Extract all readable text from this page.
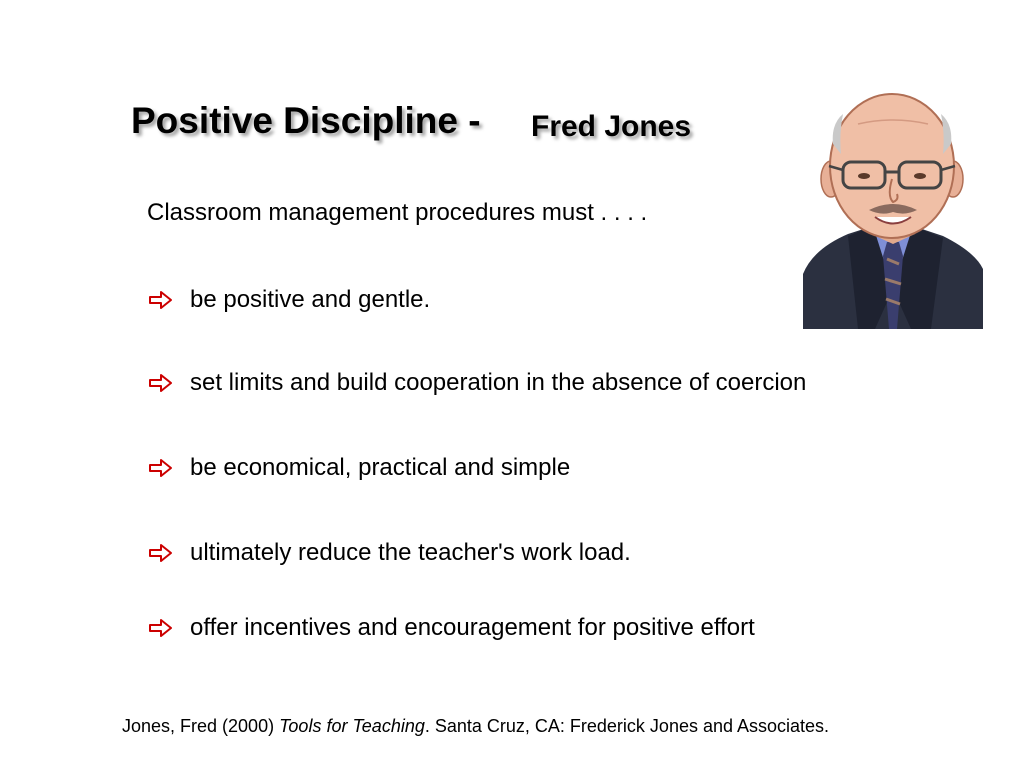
Positive Discipline - Fred Jones
Classroom management procedures must . . . .
be positive and gentle.
set limits and build cooperation in the absence of coercion
be economical, practical and simple
ultimately reduce the teacher's work load.
offer incentives and encouragement for positive effort
Jones, Fred (2000) Tools for Teaching. Santa Cruz, CA: Frederick Jones and Associates.
